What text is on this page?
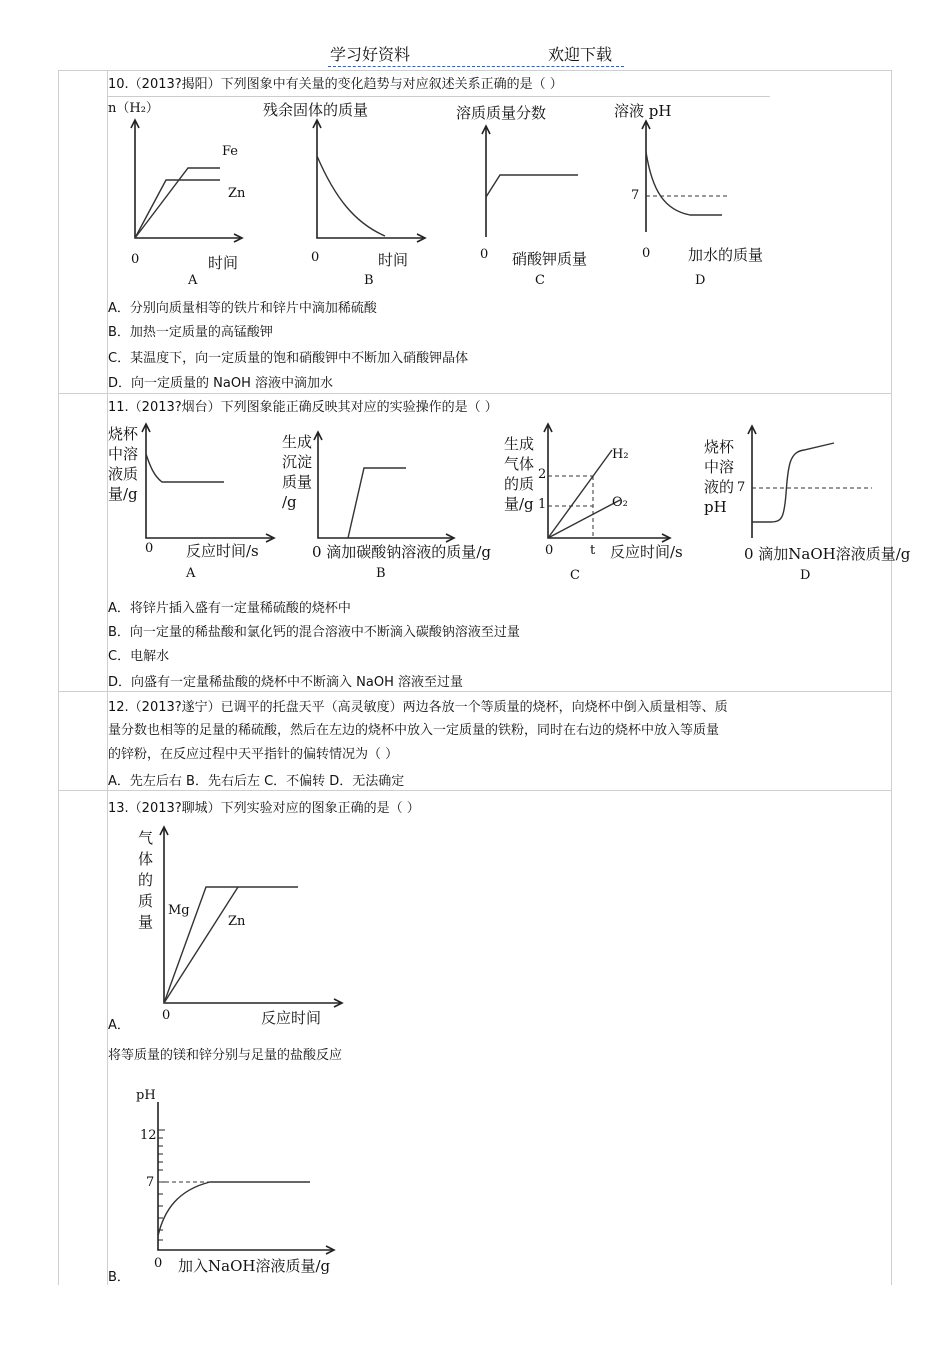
学习好资料	欢迎下载
10.（2013?揭阳）下列图象中有关量的变化趋势与对应叙述关系正确的是（ ）
n（H₂）
Fe
Zn
0	时间
A
残余固体的质量
0	时间
B
溶质质量分数
0 硝酸钾质量
C
溶液 pH
7
0	加水的质量
D
A．分别向质量相等的铁片和锌片中滴加稀硫酸
B．加热一定质量的高锰酸钾
C．某温度下，向一定质量的饱和硝酸钾中不断加入硝酸钾晶体
D．向一定质量的 NaOH 溶液中滴加水
11.（2013?烟台）下列图象能正确反映其对应的实验操作的是（ ）
烧杯
中溶
液质
量/g
0 反应时间/s
A
生成
沉淀
质量
/g
0 滴加碳酸钠溶液的质量/g
B
生成
气体
的质
量/g
2
1
H₂
O₂
0	t 反应时间/s
C
烧杯
中溶
液的
pH
7
0 滴加NaOH溶液质量/g
D
A．将锌片插入盛有一定量稀硫酸的烧杯中
B．向一定量的稀盐酸和氯化钙的混合溶液中不断滴入碳酸钠溶液至过量
C．电解水
D．向盛有一定量稀盐酸的烧杯中不断滴入 NaOH 溶液至过量
12.（2013?遂宁）已调平的托盘天平（高灵敏度）两边各放一个等质量的烧杯，向烧杯中倒入质量相等、质
量分数也相等的足量的稀硫酸，然后在左边的烧杯中放入一定质量的铁粉，同时在右边的烧杯中放入等质量
的锌粉，在反应过程中天平指针的偏转情况为（ ）
A．先左后右 B．先右后左 C．不偏转 D．无法确定
13.（2013?聊城）下列实验对应的图象正确的是（ ）
气
体
的
质
量
Mg
Zn
0	反应时间
A．
将等质量的镁和锌分别与足量的盐酸反应
pH
12
7
0 加入NaOH溶液质量/g
B．
